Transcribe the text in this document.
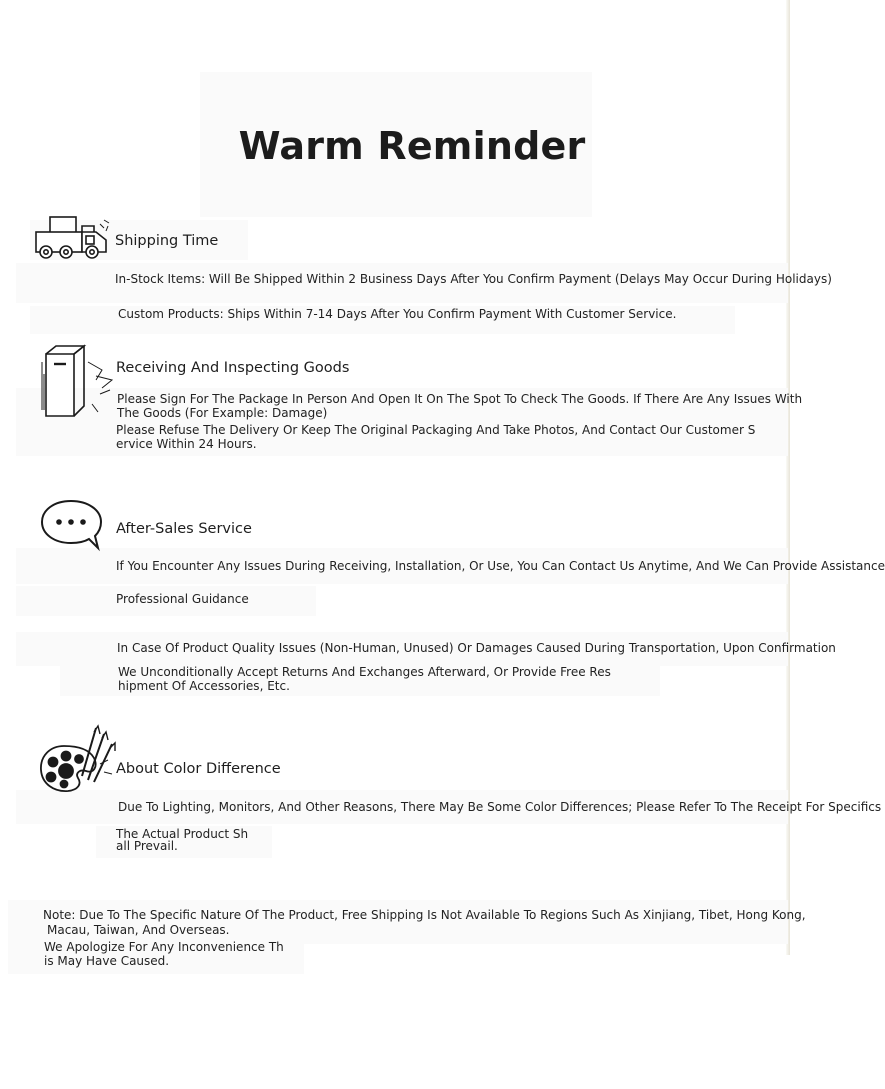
Warm Reminder
Shipping Time
In-Stock Items: Will Be Shipped Within 2 Business Days After You Confirm Payment (Delays May Occur During Holidays)
Custom Products: Ships Within 7-14 Days After You Confirm Payment With Customer Service.
Receiving And Inspecting Goods
Please Sign For The Package In Person And Open It On The Spot To Check The Goods. If There Are Any Issues With
The Goods (For Example: Damage)
Please Refuse The Delivery Or Keep The Original Packaging And Take Photos, And Contact Our Customer S
ervice Within 24 Hours.
After-Sales Service
If You Encounter Any Issues During Receiving, Installation, Or Use, You Can Contact Us Anytime, And We Can Provide Assistance
Professional Guidance
In Case Of Product Quality Issues (Non-Human, Unused) Or Damages Caused During Transportation, Upon Confirmation
We Unconditionally Accept Returns And Exchanges Afterward, Or Provide Free Res
hipment Of Accessories, Etc.
About Color Difference
Due To Lighting, Monitors, And Other Reasons, There May Be Some Color Differences; Please Refer To The Receipt For Specifics
The Actual Product Sh
all Prevail.
Note: Due To The Specific Nature Of The Product, Free Shipping Is Not Available To Regions Such As Xinjiang, Tibet, Hong Kong,
Macau, Taiwan, And Overseas.
We Apologize For Any Inconvenience Th
is May Have Caused.
